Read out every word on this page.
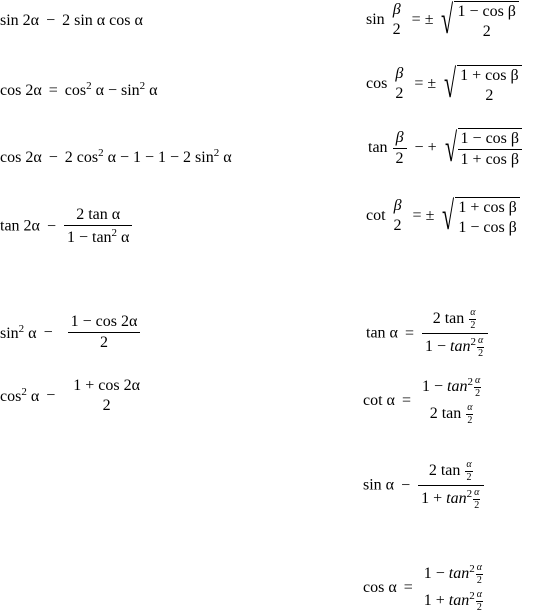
sin 2α − 2 sin α cos α
$\cos 2\alpha = \cos^2 \alpha - \sin^2 \alpha$
cos 2α − 2 $\cos^2 \alpha - 1 - 1 - 2$ $\sin^2 \alpha$
$\tan 2\alpha - \frac{\text{2 tan α}}{1 - \tan^2 \alpha}$
$\sin^2 \alpha - \frac{1 - \cos 2\alpha}{2}$
$\cos^2 \alpha$ −
1 + cos 2α
2
sin
β
2
= ± √ 1 − cos β
2
cos
β
2
= ± √ 1 + cos β
2
$\tan \frac{\beta}{2}$ − + √ $\frac{\text{1 − cos β}}{\text{1 + cos β}}$
cot
β
2
= ± √ 1 + cos β
1 − cos β
$\tan \alpha = \frac{2 \tan \frac{\alpha}{2}}{1 - \tan^2 \frac{\alpha}{2}}$
cot α =
$1 - \tan^2 \frac{\alpha}{2}$
2 $\tan \frac{\alpha}{2}$
$\sin \alpha - \frac{2 \tan \frac{\alpha}{2}}{1 + \tan^2 \frac{\alpha}{2}}$
cos α =
$1 - \tan^2 \frac{\alpha}{2}$
$1 + \tan^2 \frac{\alpha}{2}$
